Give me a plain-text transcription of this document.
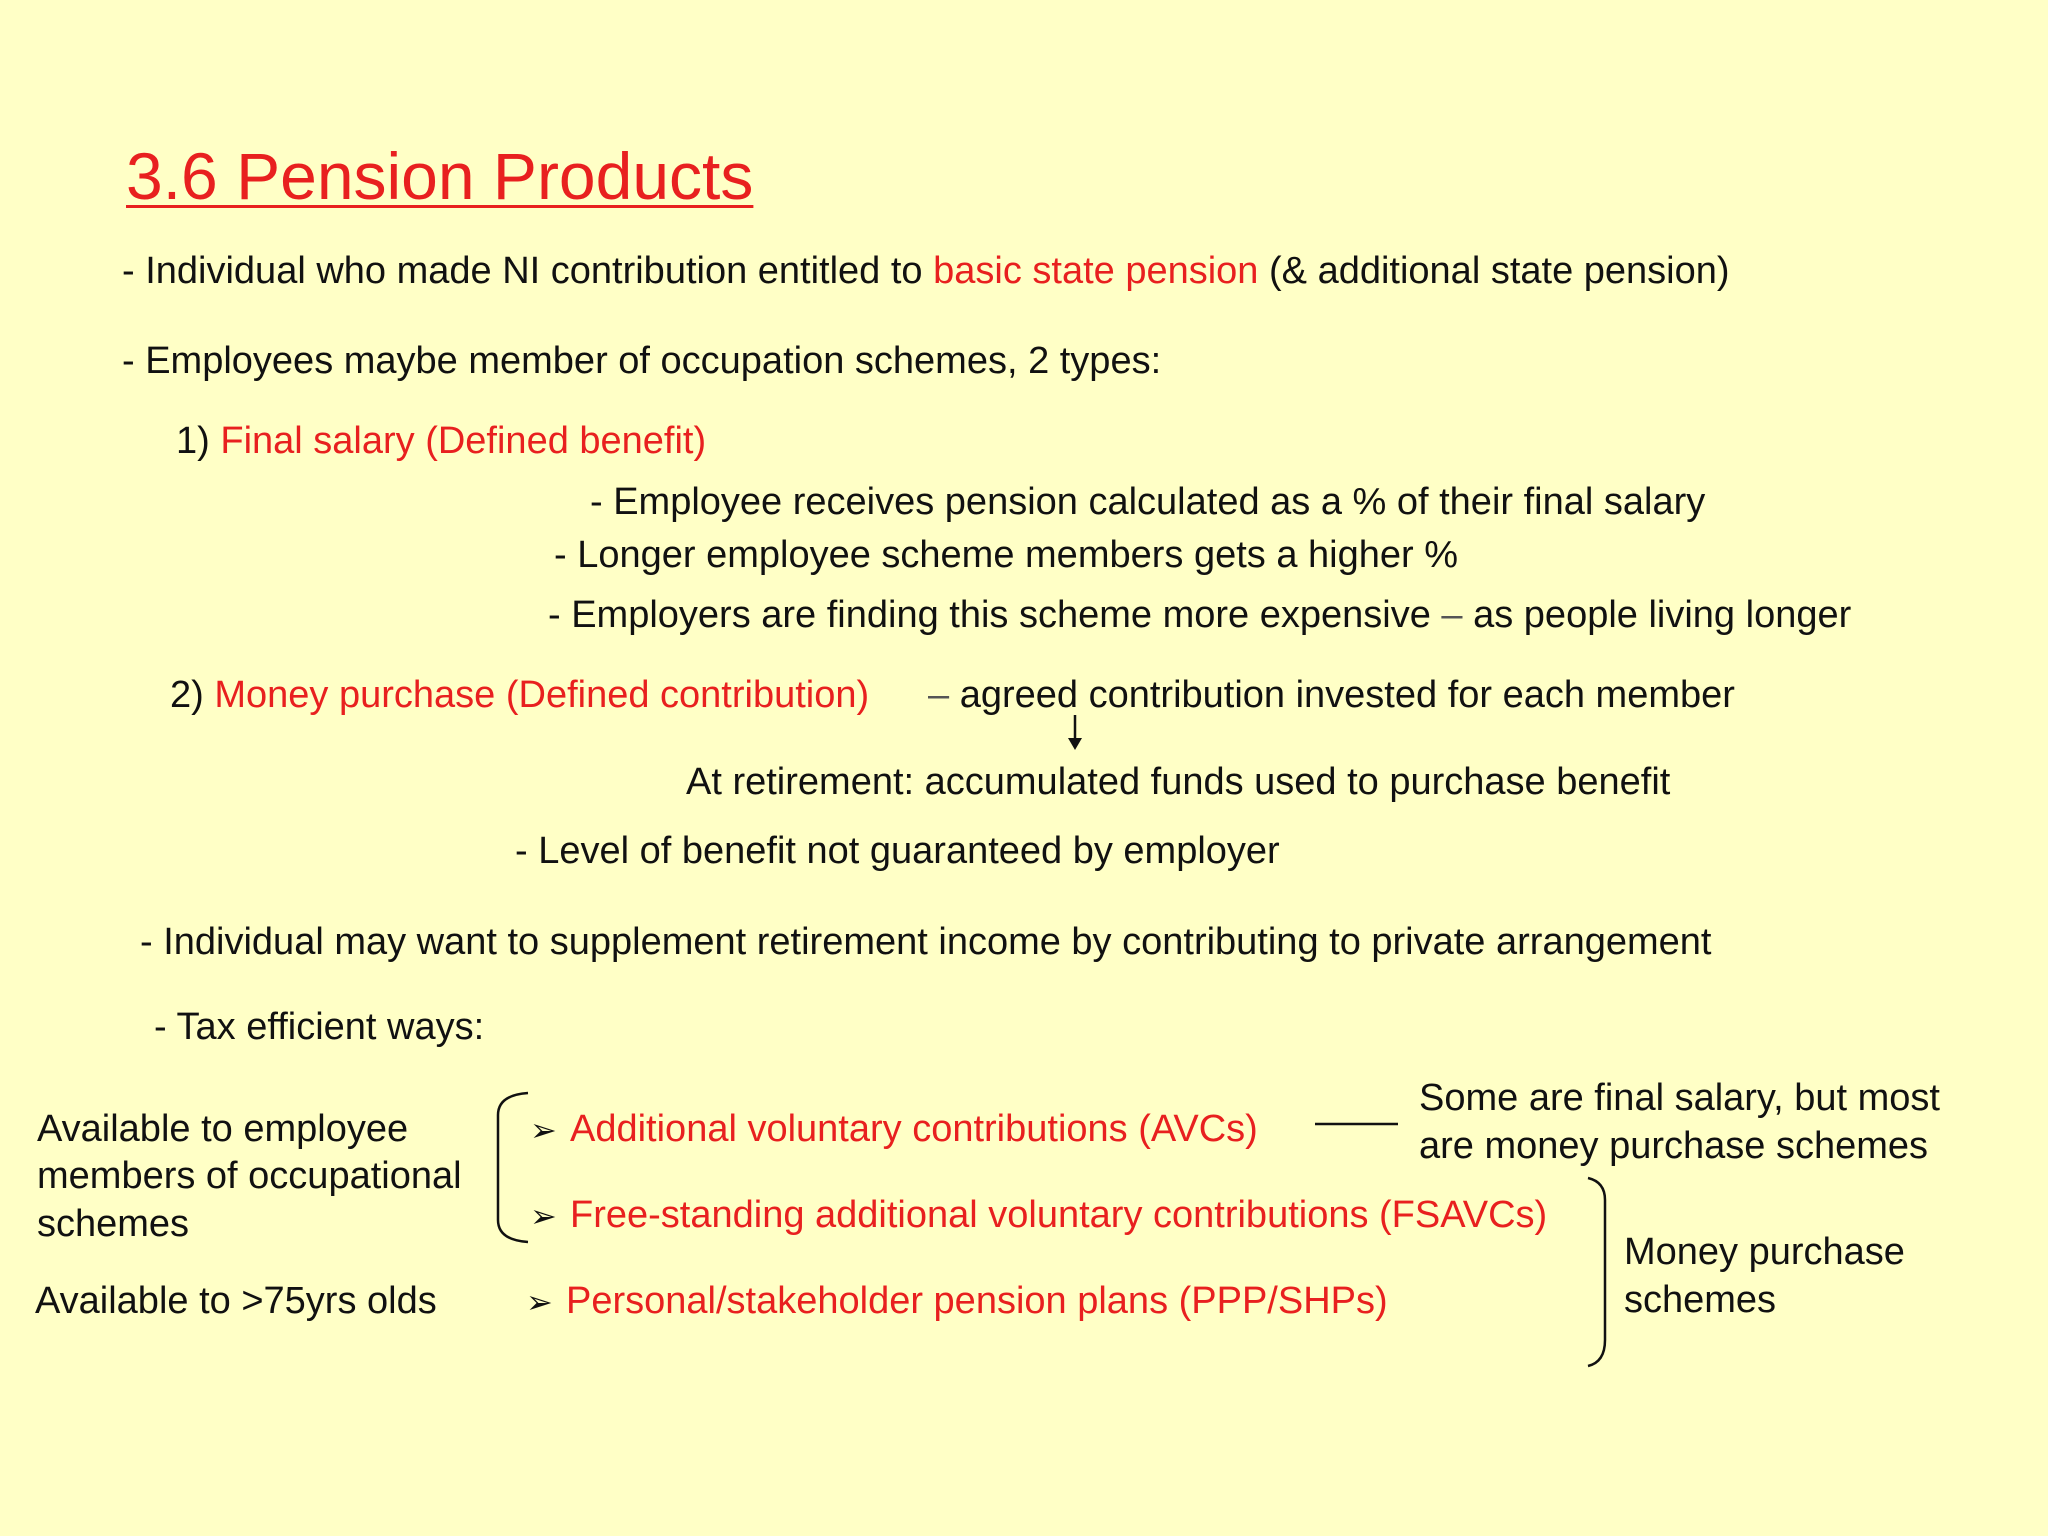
3.6 Pension Products
- Individual who made NI contribution entitled to basic state pension (& additional state pension)
- Employees maybe member of occupation schemes, 2 types:
1) Final salary (Defined benefit)
- Employee receives pension calculated as a % of their final salary
- Longer employee scheme members gets a higher %
- Employers are finding this scheme more expensive – as people living longer
2) Money purchase (Defined contribution) – agreed contribution invested for each member
At retirement: accumulated funds used to purchase benefit
- Level of benefit not guaranteed by employer
- Individual may want to supplement retirement income by contributing to private arrangement
- Tax efficient ways:
Available to employee
members of occupational
schemes
Available to >75yrs olds
➢ Additional voluntary contributions (AVCs)
➢ Free-standing additional voluntary contributions (FSAVCs)
➢ Personal/stakeholder pension plans (PPP/SHPs)
Some are final salary, but most
are money purchase schemes
Money purchase
schemes
